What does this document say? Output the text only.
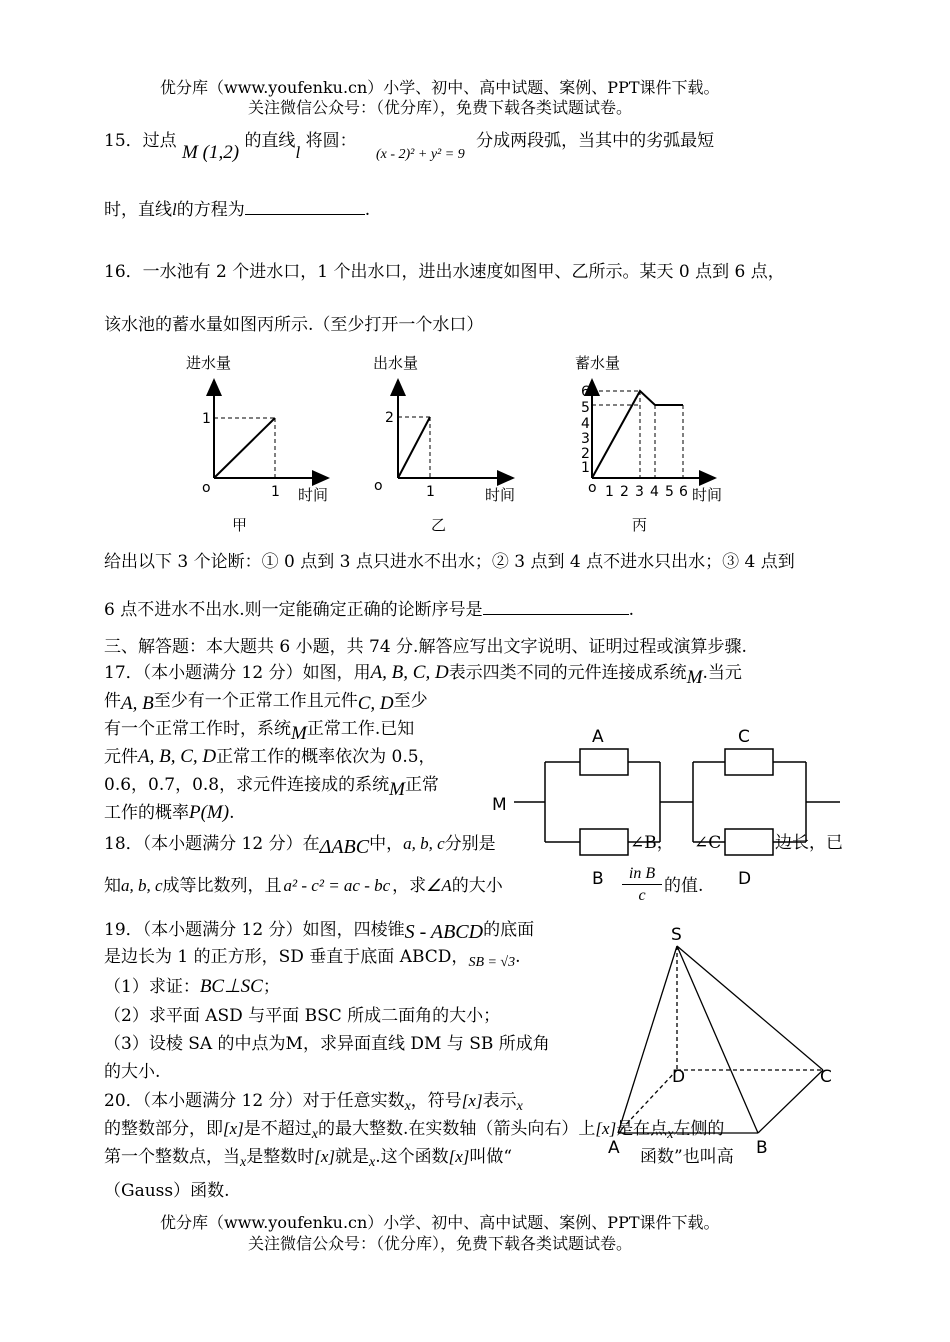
优分库（www.youfenku.cn）小学、初中、高中试题、案例、PPT课件下载。
关注微信公众号：（优分库），免费下载各类试题试卷。
15．过点 M (1,2) 的直线l 将圆： $_{(x - 2)^2 + y^2 = 9}$ 分成两段弧，当其中的劣弧最短
时，直线l的方程为	.
16．一水池有 2 个进水口，1 个出水口，进出水速度如图甲、乙所示。某天 0 点到 6 点，
该水池的蓄水量如图丙所示.（至少打开一个水口）
进水量
时间
o
1
1
甲
出水量
时间
o
2
1
乙
蓄水量
时间
o
1
2
3
4
5
6
1 2 3 4 5 6
丙
给出以下 3 个论断：① 0 点到 3 点只进水不出水；② 3 点到 4 点不进水只出水；③ 4 点到
6 点不进水不出水.则一定能确定正确的论断序号是	.
三、解答题：本大题共 6 小题，共 74 分.解答应写出文字说明、证明过程或演算步骤.
17．（本小题满分 12 分）如图，用A, B, C, D表示四类不同的元件连接成系统M.当元
件A, B至少有一个正常工作且元件C, D至少
有一个正常工作时，系统M正常工作.已知
元件A, B, C, D正常工作的概率依次为 0.5，
0.6，0.7，0.8，求元件连接成的系统M正常
工作的概率P(M).	M
A
B
C
D
18．（本小题满分 12 分）在ΔABC中，a, b, c分别是	∠B， ∠C	边长，已
知a, b, c成等比数列，且 a² - c² = ac - bc ，求∠A的大小
in B
c	的值.
19．（本小题满分 12 分）如图，四棱锥S - ABCD的底面
是边长为 1 的正方形，SD 垂直于底面 ABCD，$_{SB = √3}$.
（1）求证：BC⊥SC；
（2）求平面 ASD 与平面 BSC 所成二面角的大小；
（3）设棱 SA 的中点为M，求异面直线 DM 与 SB 所成角
的大小.
S
D	C
A	B
20．（本小题满分 12 分）对于任意实数$_x$，符号[x]表示$_x$
的整数部分，即[x]是不超过$_x$的最大整数.在实数轴（箭头向右）上[x]是在点$_x$左侧的
第一个整数点，当$_x$是整数时[x]就是$_x$.这个函数[x]叫做“	函数”也叫高
（Gauss）函数.
优分库（www.youfenku.cn）小学、初中、高中试题、案例、PPT课件下载。
关注微信公众号：（优分库），免费下载各类试题试卷。
